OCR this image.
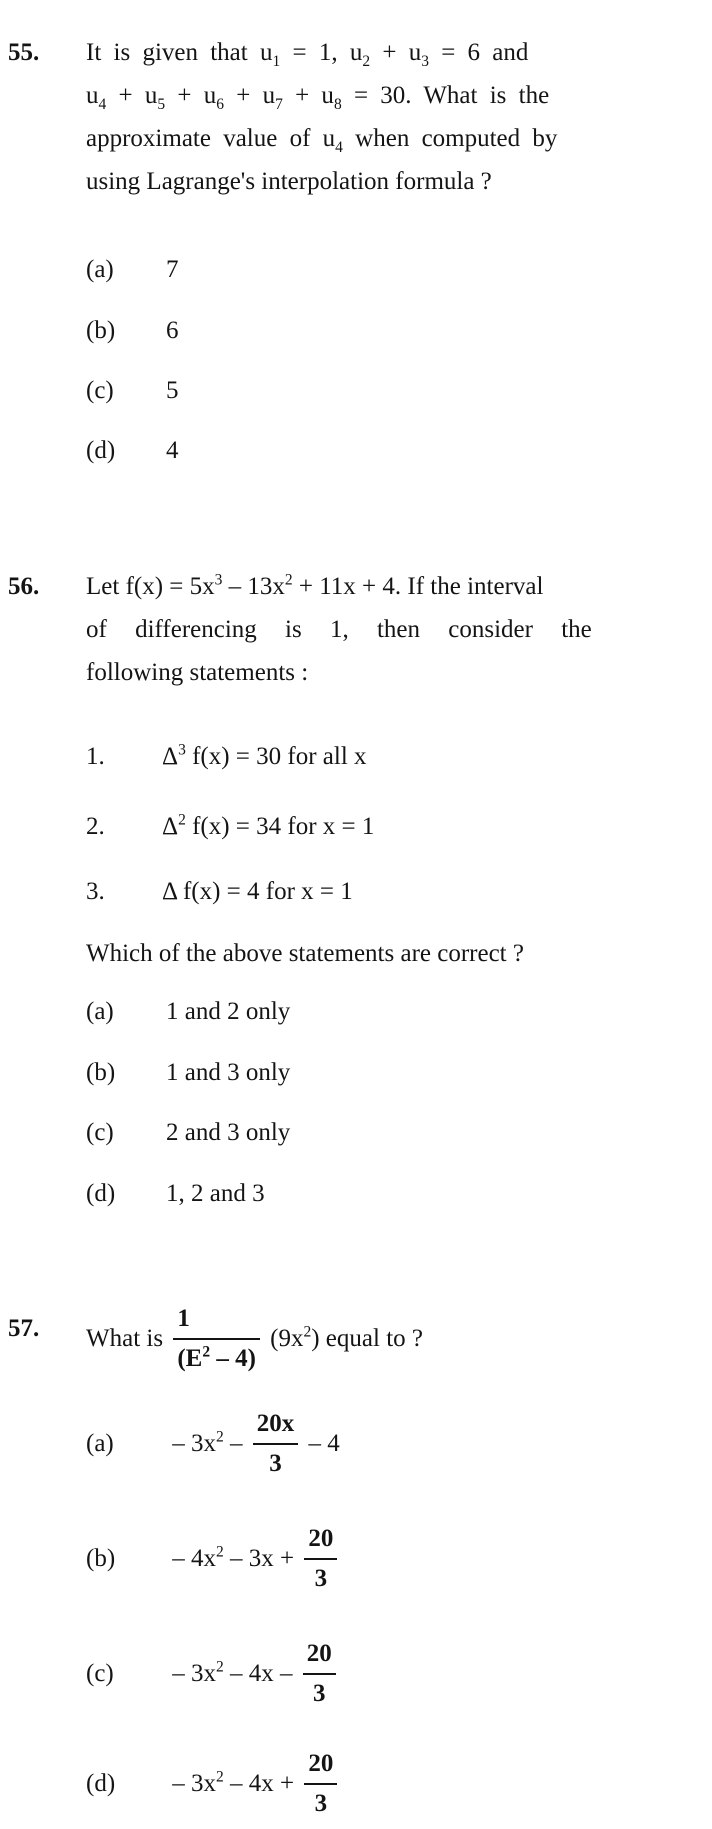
55. It is given that $u_1 = 1$, $u_2 + u_3 = 6$ and
$u_4 + u_5 + u_6 + u_7 + u_8 = 30$. What is the
approximate value of $u_4$ when computed by
using Lagrange's interpolation formula ?
(a) 7
(b) 6
(c) 5
(d) 4
56. Let $f(x) = 5x^3 - 13x^2 + 11x + 4$. If the interval
of differencing is 1, then consider the
following statements :
1. $\Delta^3$ f(x) = 30 for all x
2. $\Delta^2$ f(x) = 34 for x = 1
3. Δ f(x) = 4 for x = 1
Which of the above statements are correct ?
(a) 1 and 2 only
(b) 1 and 3 only
(c) 2 and 3 only
(d) 1, 2 and 3
57. What is $\frac{1}{(E^2 - 4)} (9x^2)$ equal to ?
$(a) - 3x^2 - \frac{20x}{3} - 4$
$(b) - 4x^2 - 3x + \frac{20}{3}$
$(c) - 3x^2 - 4x - \frac{20}{3}$
$(d) - 3x^2 - 4x + \frac{20}{3}$
